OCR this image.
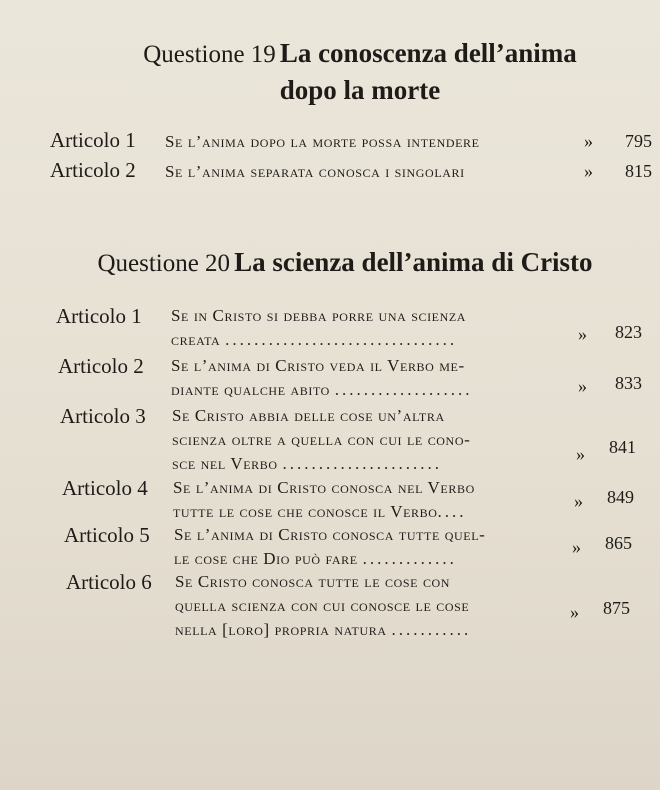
Questione 19 La conoscenza dell’anima
dopo la morte
Articolo 1 Se l’anima dopo la morte possa intendere	»	795
Articolo 2 Se l’anima separata conosca i singolari	»	815
Questione 20 La scienza dell’anima di Cristo
Articolo 1 Se in Cristo si debba porre una scienza
creata ................................	»	823
Articolo 2 Se l’anima di Cristo veda il Verbo me-
diante qualche abito ...................	»	833
Articolo 3 Se Cristo abbia delle cose un’altra
scienza oltre a quella con cui le cono-
sce nel Verbo ......................	»	841
Articolo 4 Se l’anima di Cristo conosca nel Verbo
tutte le cose che conosce il Verbo....
»	849
Articolo 5 Se l’anima di Cristo conosca tutte quel-
le cose che Dio può fare .............
»	865
Articolo 6 Se Cristo conosca tutte le cose con
quella scienza con cui conosce le cose
nella [loro] propria natura ...........
»	875
